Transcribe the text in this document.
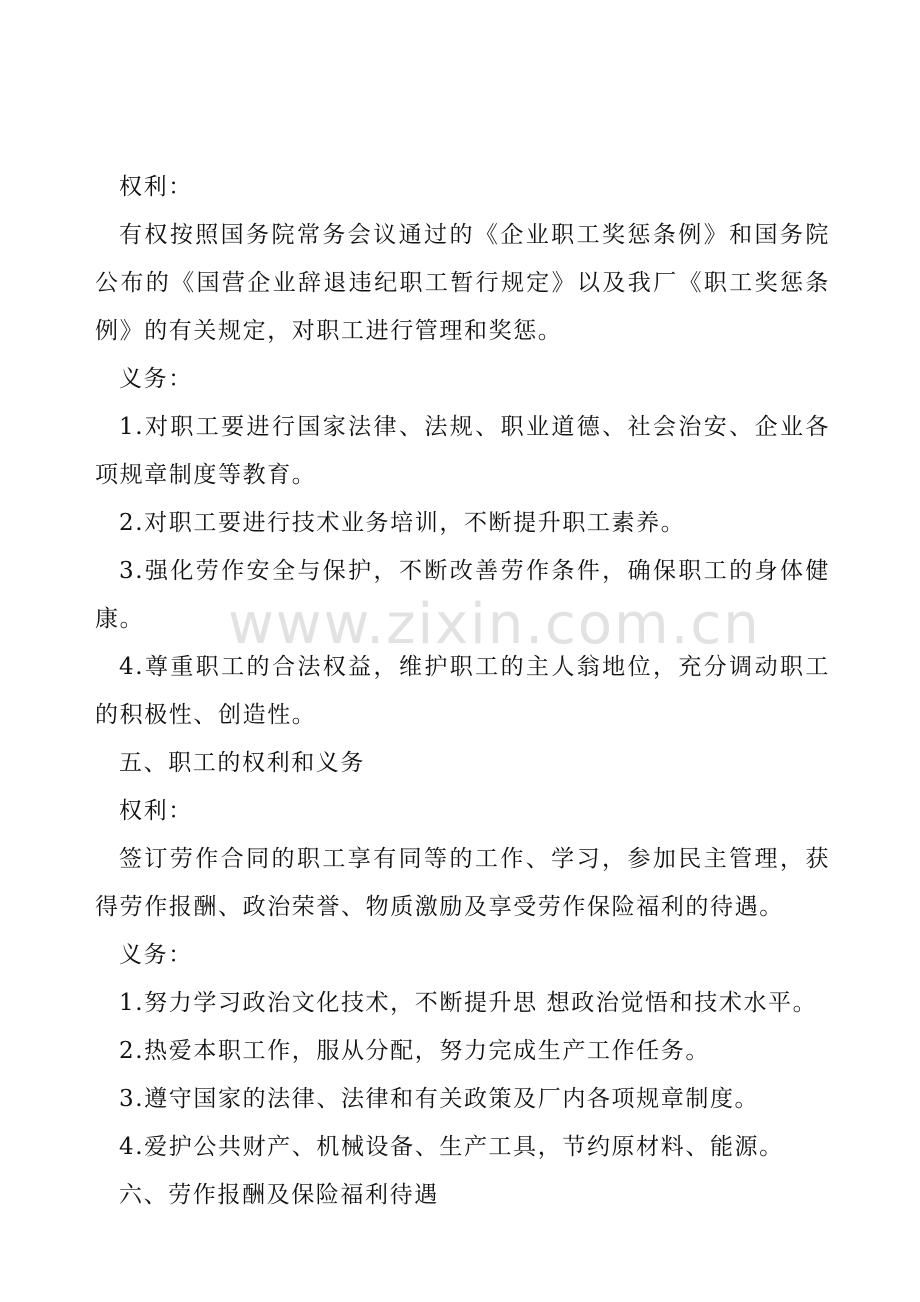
www.zixin.com.cn

权利：

有权按照国务院常务会议通过的《企业职工奖惩条例》和国务院公布的《国营企业辞退违纪职工暂行规定》以及我厂《职工奖惩条例》的有关规定，对职工进行管理和奖惩。

义务：

1.对职工要进行国家法律、法规、职业道德、社会治安、企业各项规章制度等教育。

2.对职工要进行技术业务培训，不断提升职工素养。

3.强化劳作安全与保护，不断改善劳作条件，确保职工的身体健康。

4.尊重职工的合法权益，维护职工的主人翁地位，充分调动职工的积极性、创造性。

五、职工的权利和义务

权利：

签订劳作合同的职工享有同等的工作、学习，参加民主管理，获得劳作报酬、政治荣誉、物质激励及享受劳作保险福利的待遇。

义务：

1.努力学习政治文化技术，不断提升思 想政治觉悟和技术水平。

2.热爱本职工作，服从分配，努力完成生产工作任务。

3.遵守国家的法律、法律和有关政策及厂内各项规章制度。

4.爱护公共财产、机械设备、生产工具，节约原材料、能源。

六、劳作报酬及保险福利待遇
